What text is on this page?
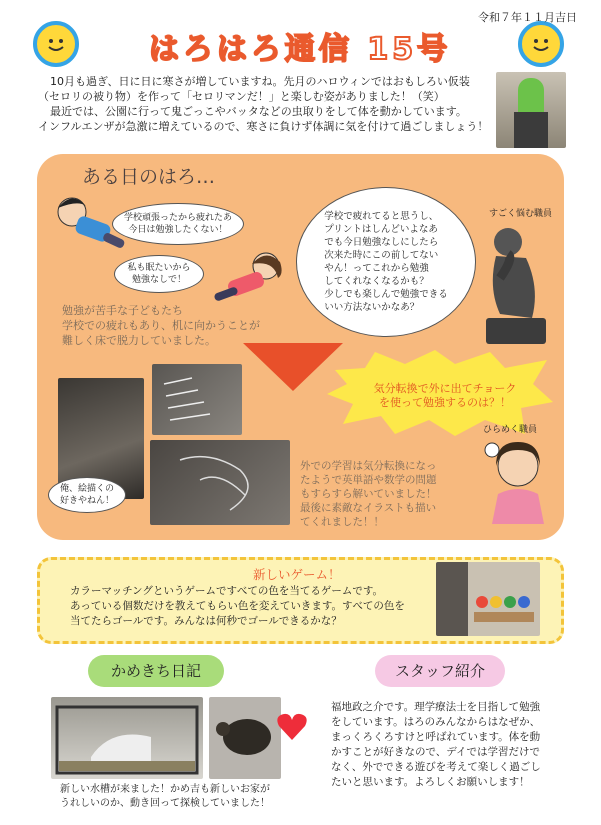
令和７年１１月吉日
はろはろ通信 15号

10月も過ぎ、日に日に寒さが増していますね。先月のハロウィンではおもしろい仮装

（セロリの被り物）を作って「セロリマンだ！」と楽しむ姿がありました！（笑）

最近では、公園に行って鬼ごっこやバッタなどの虫取りをして体を動かしています。

インフルエンザが急激に増えているので、寒さに負けず体調に気を付けて過ごしましょう！

ある日のはろ…
学校頑張ったから疲れたあ
今日は勉強したくない！
私も眠たいから
勉強なしで！
学校で疲れてると思うし、
プリントはしんどいよなあ
でも今日勉強なしにしたら
次来た時にこの前してない
やん！ってこれから勉強
してくれなくなるかも？
少しでも楽しんで勉強できる
いい方法ないかなあ？
すごく悩む職員
勉強が苦手な子どもたち
学校での疲れもあり、机に向かうことが
難しく床で脱力していました。
気分転換で外に出てチョーク
を使って勉強するのは？！
ひらめく職員
俺、絵描くの
好きやねん！
外での学習は気分転換になっ
たようで英単語や数学の問題
もすらすら解いていました！
最後に素敵なイラストも描い
てくれました！！
新しいゲーム！
カラーマッチングというゲームですべての色を当てるゲームです。
あっている個数だけを教えてもらい色を変えていきます。すべての色を
当てたらゴールです。みんなは何秒でゴールできるかな？
かめきち日記
新しい水槽が来ました！かめ吉も新しいお家が
うれしいのか、動き回って探検していました！
スタッフ紹介
福地政之介です。理学療法士を目指して勉強
をしています。はろのみんなからはなぜか、
まっくろくろすけと呼ばれています。体を動
かすことが好きなので、デイでは学習だけで
なく、外でできる遊びを考えて楽しく過ごし
たいと思います。よろしくお願いします！
